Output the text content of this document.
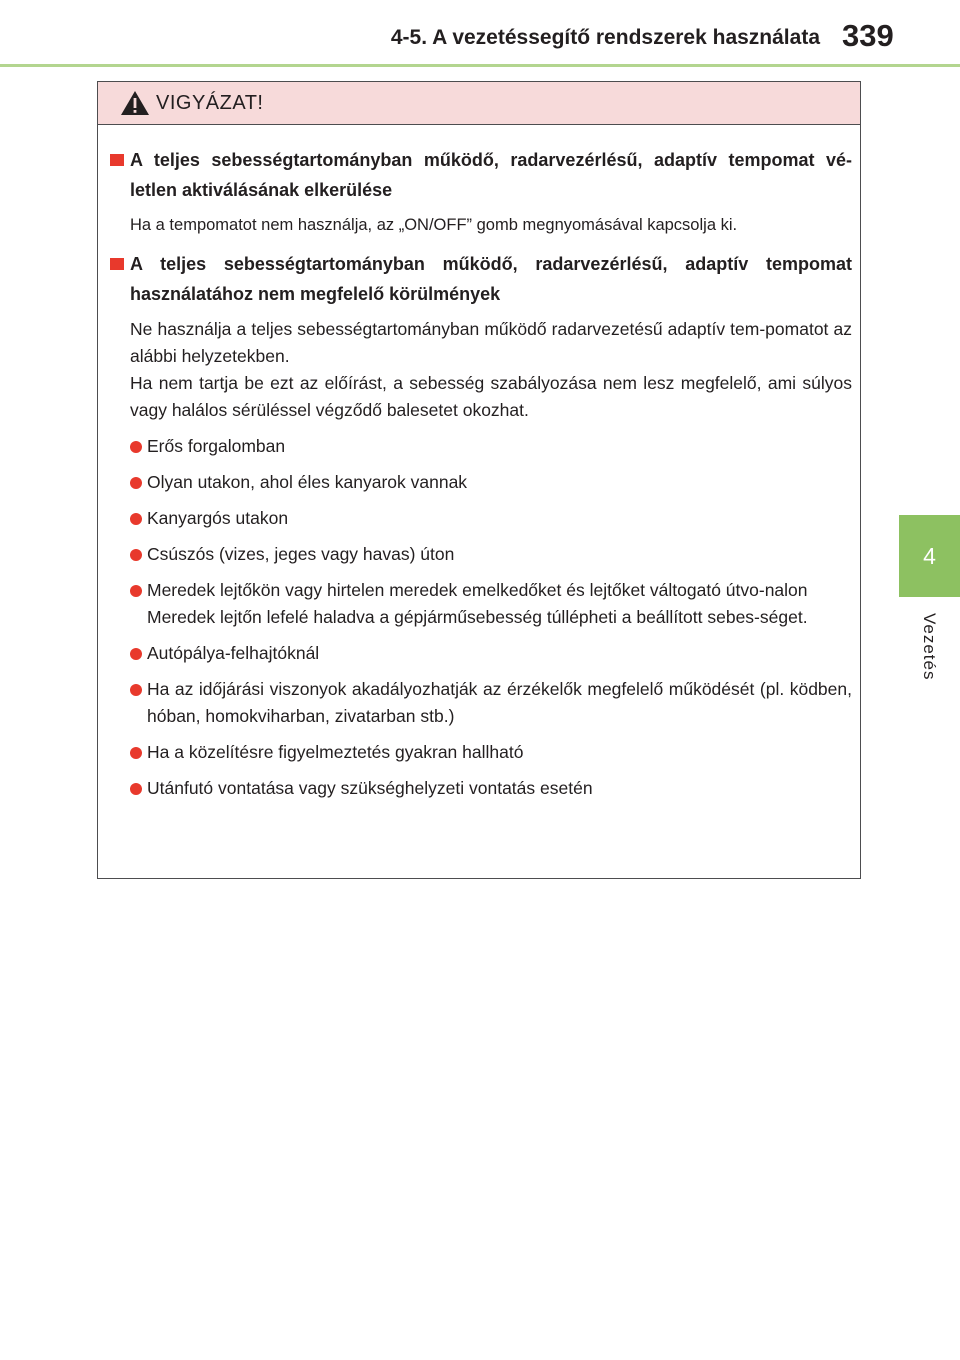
4-5. A vezetéssegítő rendszerek használata 339
4
Vezetés
VIGYÁZAT!
A teljes sebességtartományban működő, radarvezérlésű, adaptív tempomat vé-letlen aktiválásának elkerülése
Ha a tempomatot nem használja, az „ON/OFF” gomb megnyomásával kapcsolja ki.
A teljes sebességtartományban működő, radarvezérlésű, adaptív tempomat használatához nem megfelelő körülmények
Ne használja a teljes sebességtartományban működő radarvezetésű adaptív tem-pomatot az alábbi helyzetekben.
Ha nem tartja be ezt az előírást, a sebesség szabályozása nem lesz megfelelő, ami súlyos vagy halálos sérüléssel végződő balesetet okozhat.
Erős forgalomban
Olyan utakon, ahol éles kanyarok vannak
Kanyargós utakon
Csúszós (vizes, jeges vagy havas) úton
Meredek lejtőkön vagy hirtelen meredek emelkedőket és lejtőket váltogató útvo-nalon
Meredek lejtőn lefelé haladva a gépjárműsebesség túllépheti a beállított sebes-séget.
Autópálya-felhajtóknál
Ha az időjárási viszonyok akadályozhatják az érzékelők megfelelő működését (pl. ködben, hóban, homokviharban, zivatarban stb.)
Ha a közelítésre figyelmeztetés gyakran hallható
Utánfutó vontatása vagy szükséghelyzeti vontatás esetén
